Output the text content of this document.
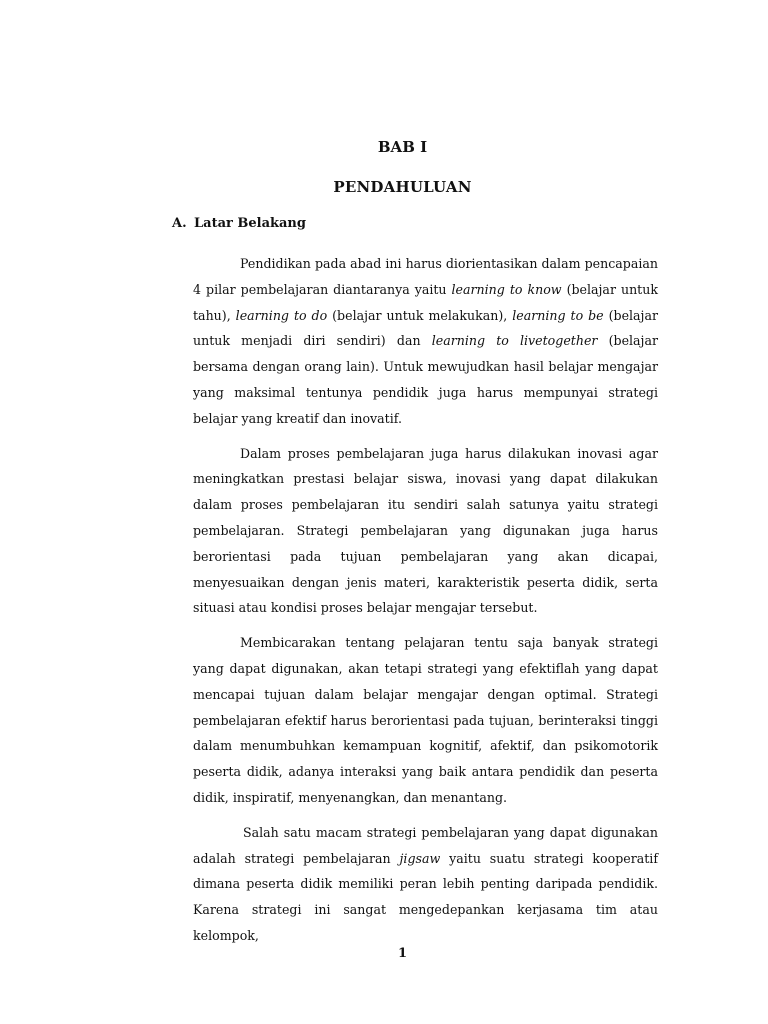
BAB I
PENDAHULUAN
A. Latar Belakang

Pendidikan pada abad ini harus diorientasikan dalam pencapaian 4 pilar pembelajaran diantaranya yaitu learning to know (belajar untuk tahu), learning to do (belajar untuk melakukan), learning to be (belajar untuk menjadi diri sendiri) dan learning to livetogether (belajar bersama dengan orang lain). Untuk mewujudkan hasil belajar mengajar yang maksimal tentunya pendidik juga harus mempunyai strategi belajar yang kreatif dan inovatif.

Dalam proses pembelajaran juga harus dilakukan inovasi agar meningkatkan prestasi belajar siswa, inovasi yang dapat dilakukan dalam proses pembelajaran itu sendiri salah satunya yaitu strategi pembelajaran. Strategi pembelajaran yang digunakan juga harus berorientasi pada tujuan pembelajaran yang akan dicapai, menyesuaikan dengan jenis materi, karakteristik peserta didik, serta situasi atau kondisi proses belajar mengajar tersebut.

Membicarakan tentang pelajaran tentu saja banyak strategi yang dapat digunakan, akan tetapi strategi yang efektiflah yang dapat mencapai tujuan dalam belajar mengajar dengan optimal. Strategi pembelajaran efektif harus berorientasi pada tujuan, berinteraksi tinggi dalam menumbuhkan kemampuan kognitif, afektif, dan psikomotorik peserta didik, adanya interaksi yang baik antara pendidik dan peserta didik, inspiratif, menyenangkan, dan menantang.

Salah satu macam strategi pembelajaran yang dapat digunakan adalah strategi pembelajaran jigsaw yaitu suatu strategi kooperatif dimana peserta didik memiliki peran lebih penting daripada pendidik. Karena strategi ini sangat mengedepankan kerjasama tim atau kelompok,

1
